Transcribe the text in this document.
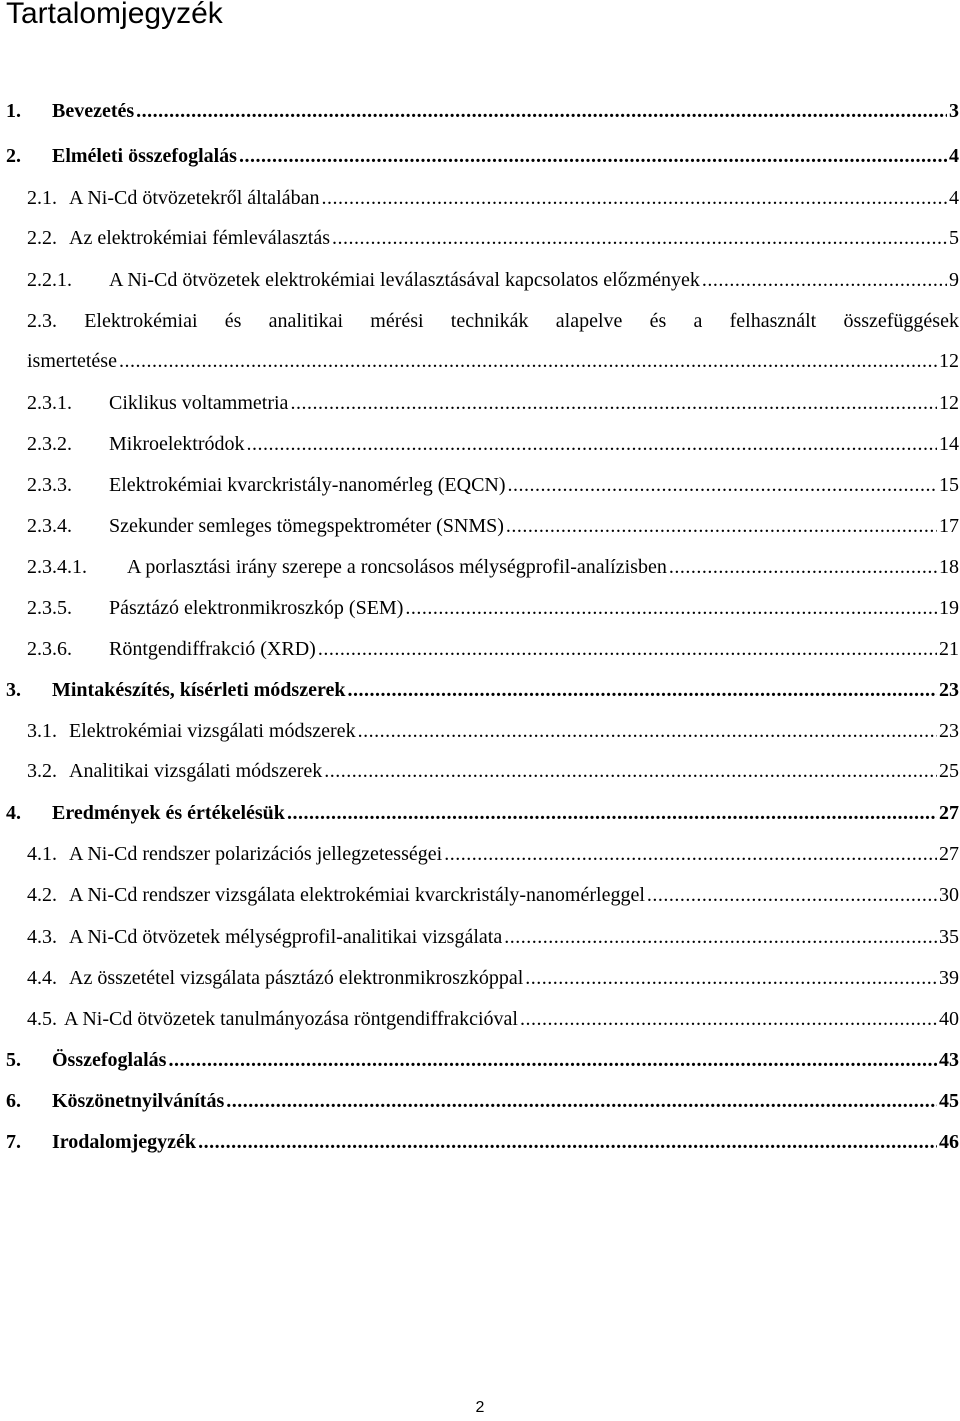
Tartalomjegyzék
1.	Bevezetés .....	3
2.	Elméleti összefoglalás .....	4
2.1. A Ni-Cd ötvözetekről általában .....	4
2.2. Az elektrokémiai fémleválasztás .....	5
2.2.1.	A Ni-Cd ötvözetek elektrokémiai leválasztásával kapcsolatos előzmények .....	9
2.3. Elektrokémiai és analitikai mérési technikák alapelve és a felhasznált összefüggések
ismertetése .....	12
2.3.1.	Ciklikus voltammetria .....	12
2.3.2.	Mikroelektródok .....	14
2.3.3.	Elektrokémiai kvarckristály-nanomérleg (EQCN) .....	15
2.3.4.	Szekunder semleges tömegspektrométer (SNMS) .....	17
2.3.4.1.	A porlasztási irány szerepe a roncsolásos mélységprofil-analízisben .....	18
2.3.5.	Pásztázó elektronmikroszkóp (SEM) .....	19
2.3.6.	Röntgendiffrakció (XRD) .....	21
3.	Mintakészítés, kísérleti módszerek .....	23
3.1. Elektrokémiai vizsgálati módszerek .....	23
3.2. Analitikai vizsgálati módszerek .....	25
4.	Eredmények és értékelésük .....	27
4.1. A Ni-Cd rendszer polarizációs jellegzetességei .....	27
4.2. A Ni-Cd rendszer vizsgálata elektrokémiai kvarckristály-nanomérleggel .....	30
4.3. A Ni-Cd ötvözetek mélységprofil-analitikai vizsgálata .....	35
4.4. Az összetétel vizsgálata pásztázó elektronmikroszkóppal .....	39
4.5. A Ni-Cd ötvözetek tanulmányozása röntgendiffrakcióval .....	40
5.	Összefoglalás .....	43
6.	Köszönetnyilvánítás .....	45
7.	Irodalomjegyzék .....	46
2
